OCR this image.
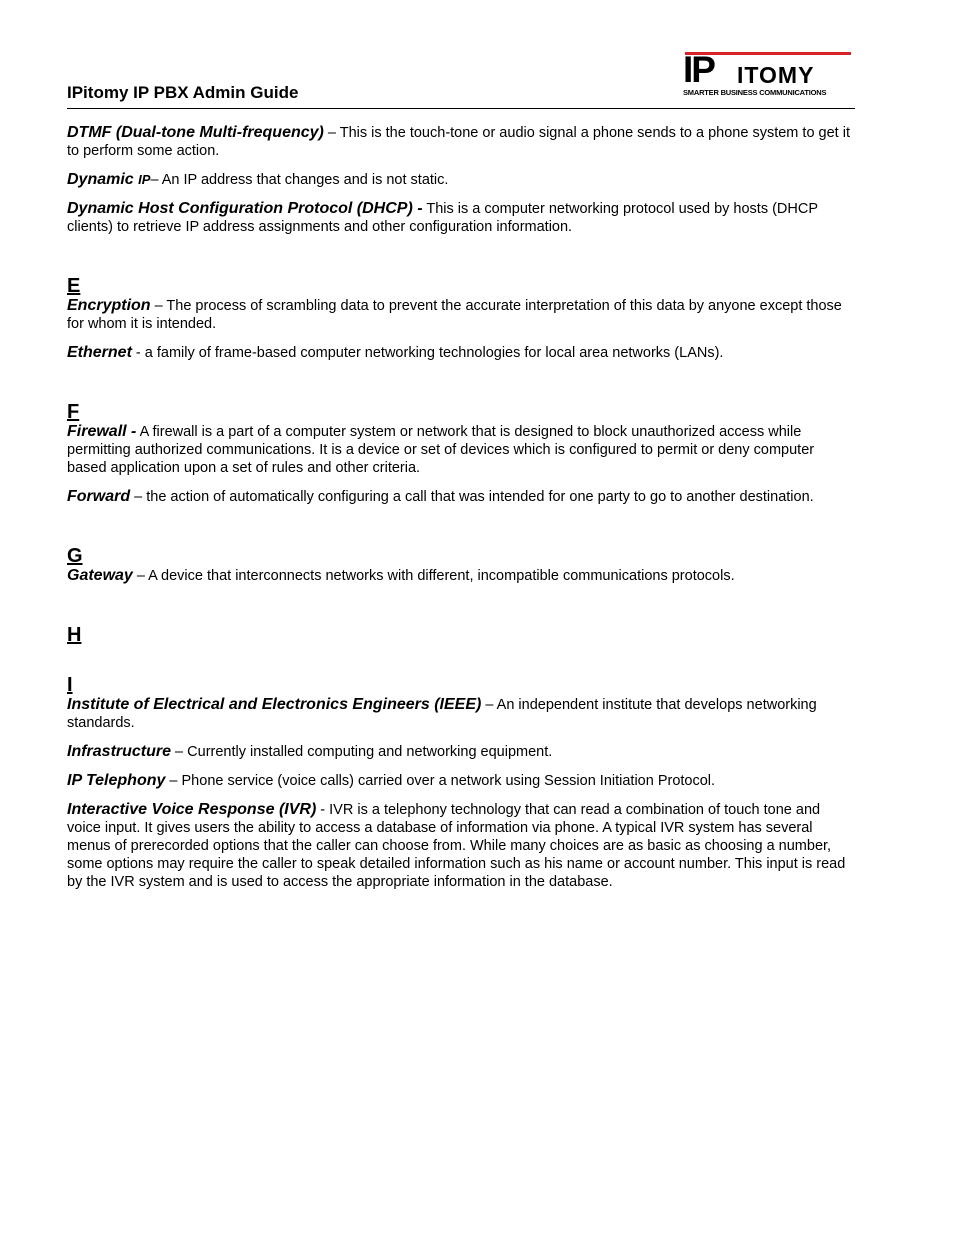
IPitomy IP PBX Admin Guide
IP ITOMY
SMARTER BUSINESS COMMUNICATIONS

DTMF (Dual-tone Multi-frequency) – This is the touch-tone or audio signal a phone sends to a phone system to get it to perform some action.

Dynamic IP– An IP address that changes and is not static.

Dynamic Host Configuration Protocol (DHCP) - This is a computer networking protocol used by hosts (DHCP clients) to retrieve IP address assignments and other configuration information.

E

Encryption – The process of scrambling data to prevent the accurate interpretation of this data by anyone except those for whom it is intended.

Ethernet - a family of frame-based computer networking technologies for local area networks (LANs).

F

Firewall - A firewall is a part of a computer system or network that is designed to block unauthorized access while permitting authorized communications. It is a device or set of devices which is configured to permit or deny computer based application upon a set of rules and other criteria.

Forward – the action of automatically configuring a call that was intended for one party to go to another destination.

G

Gateway – A device that interconnects networks with different, incompatible communications protocols.

H

I

Institute of Electrical and Electronics Engineers (IEEE) – An independent institute that develops networking standards.

Infrastructure – Currently installed computing and networking equipment.

IP Telephony – Phone service (voice calls) carried over a network using Session Initiation Protocol.

Interactive Voice Response (IVR) - IVR is a telephony technology that can read a combination of touch tone and voice input. It gives users the ability to access a database of information via phone. A typical IVR system has several menus of prerecorded options that the caller can choose from. While many choices are as basic as choosing a number, some options may require the caller to speak detailed information such as his name or account number. This input is read by the IVR system and is used to access the appropriate information in the database.
